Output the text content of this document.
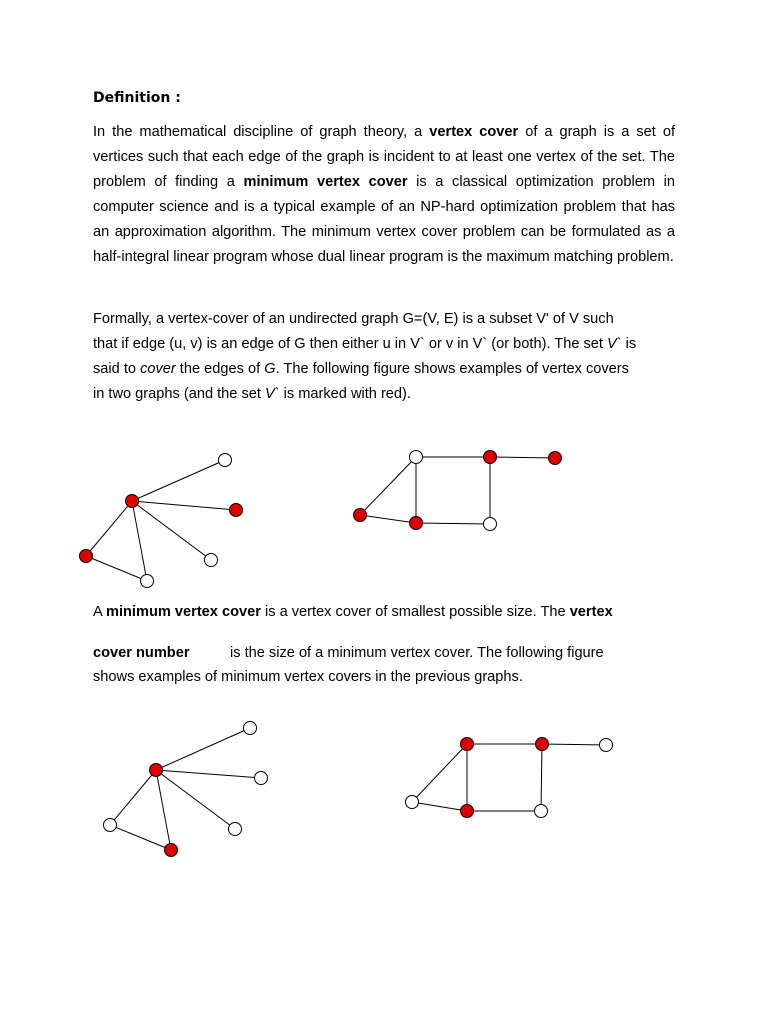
Definition :

In the mathematical discipline of graph theory, a vertex cover of a graph is a set of vertices such that each edge of the graph is incident to at least one vertex of the set. The problem of finding a minimum vertex cover is a classical optimization problem in computer science and is a typical example of an NP-hard optimization problem that has an approximation algorithm. The minimum vertex cover problem can be formulated as a half-integral linear program whose dual linear program is the maximum matching problem.

Formally, a vertex-cover of an undirected graph G=(V, E) is a subset V' of V such

that if edge (u, v) is an edge of G then either u in V` or v in V` (or both). The set V` is

said to cover the edges of G. The following figure shows examples of vertex covers

in two graphs (and the set V` is marked with red).

A minimum vertex cover is a vertex cover of smallest possible size. The vertex

cover number	is the size of a minimum vertex cover. The following figure

shows examples of minimum vertex covers in the previous graphs.
